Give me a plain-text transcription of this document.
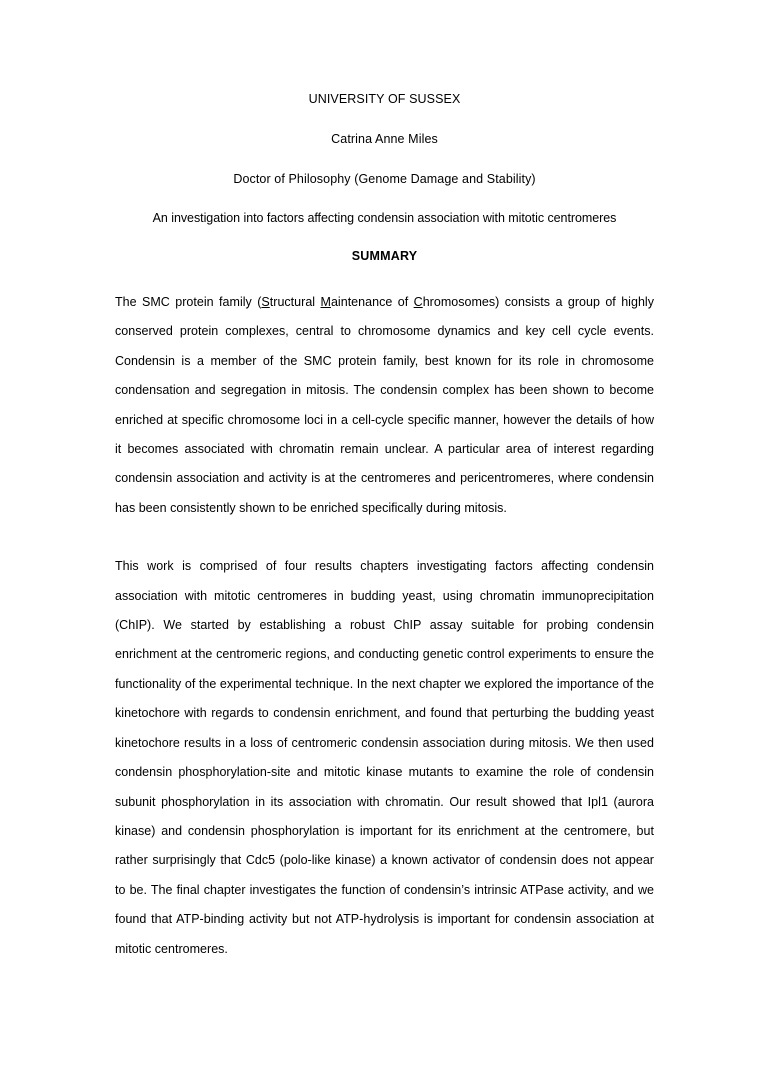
UNIVERSITY OF SUSSEX

Catrina Anne Miles

Doctor of Philosophy (Genome Damage and Stability)

An investigation into factors affecting condensin association with mitotic centromeres

SUMMARY

The SMC protein family (Structural Maintenance of Chromosomes) consists a group of highly conserved protein complexes, central to chromosome dynamics and key cell cycle events. Condensin is a member of the SMC protein family, best known for its role in chromosome condensation and segregation in mitosis. The condensin complex has been shown to become enriched at specific chromosome loci in a cell-cycle specific manner, however the details of how it becomes associated with chromatin remain unclear. A particular area of interest regarding condensin association and activity is at the centromeres and pericentromeres, where condensin has been consistently shown to be enriched specifically during mitosis.

This work is comprised of four results chapters investigating factors affecting condensin association with mitotic centromeres in budding yeast, using chromatin immunoprecipitation (ChIP). We started by establishing a robust ChIP assay suitable for probing condensin enrichment at the centromeric regions, and conducting genetic control experiments to ensure the functionality of the experimental technique. In the next chapter we explored the importance of the kinetochore with regards to condensin enrichment, and found that perturbing the budding yeast kinetochore results in a loss of centromeric condensin association during mitosis. We then used condensin phosphorylation-site and mitotic kinase mutants to examine the role of condensin subunit phosphorylation in its association with chromatin. Our result showed that Ipl1 (aurora kinase) and condensin phosphorylation is important for its enrichment at the centromere, but rather surprisingly that Cdc5 (polo-like kinase) a known activator of condensin does not appear to be. The final chapter investigates the function of condensin’s intrinsic ATPase activity, and we found that ATP-binding activity but not ATP-hydrolysis is important for condensin association at mitotic centromeres.
